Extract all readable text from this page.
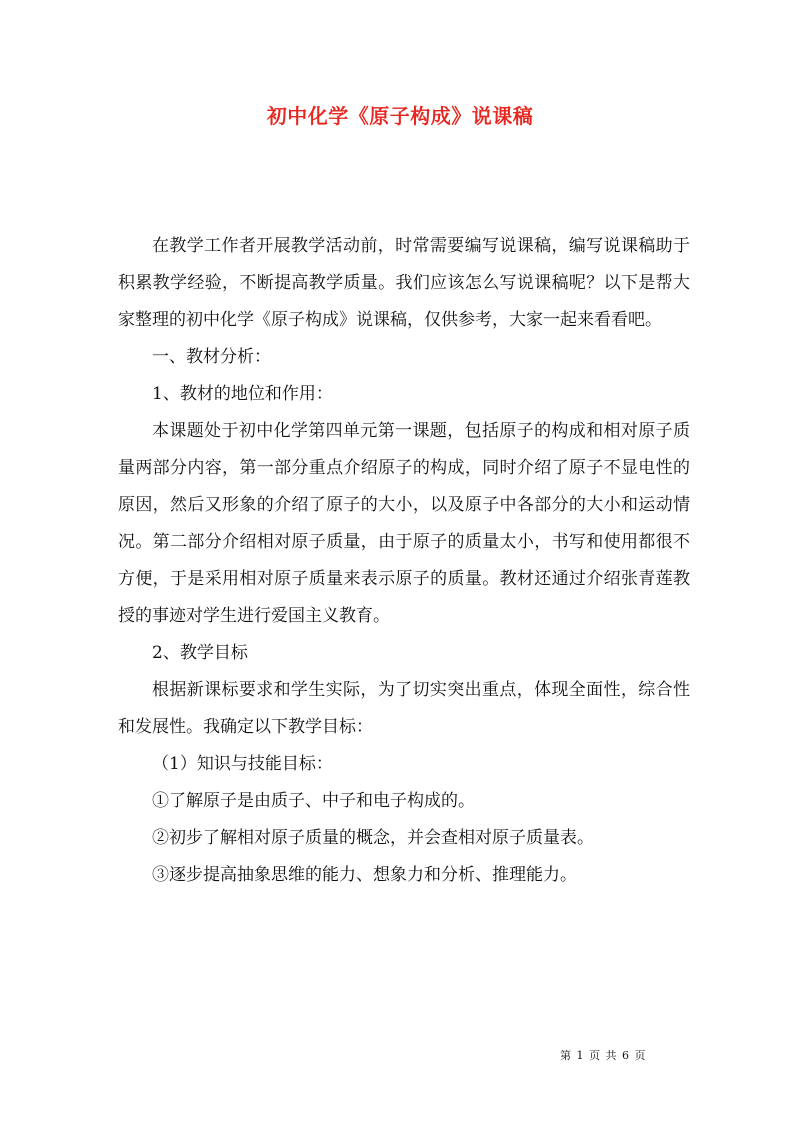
初中化学《原子构成》说课稿

在教学工作者开展教学活动前，时常需要编写说课稿，编写说课稿助于积累教学经验，不断提高教学质量。我们应该怎么写说课稿呢？以下是帮大家整理的初中化学《原子构成》说课稿，仅供参考，大家一起来看看吧。

一、教材分析：

1、教材的地位和作用：

本课题处于初中化学第四单元第一课题，包括原子的构成和相对原子质量两部分内容，第一部分重点介绍原子的构成，同时介绍了原子不显电性的原因，然后又形象的介绍了原子的大小，以及原子中各部分的大小和运动情况。第二部分介绍相对原子质量，由于原子的质量太小，书写和使用都很不方便，于是采用相对原子质量来表示原子的质量。教材还通过介绍张青莲教授的事迹对学生进行爱国主义教育。

2、教学目标

根据新课标要求和学生实际，为了切实突出重点，体现全面性，综合性和发展性。我确定以下教学目标：

（1）知识与技能目标：

①了解原子是由质子、中子和电子构成的。

②初步了解相对原子质量的概念，并会查相对原子质量表。

③逐步提高抽象思维的能力、想象力和分析、推理能力。

第 1 页 共 6 页
